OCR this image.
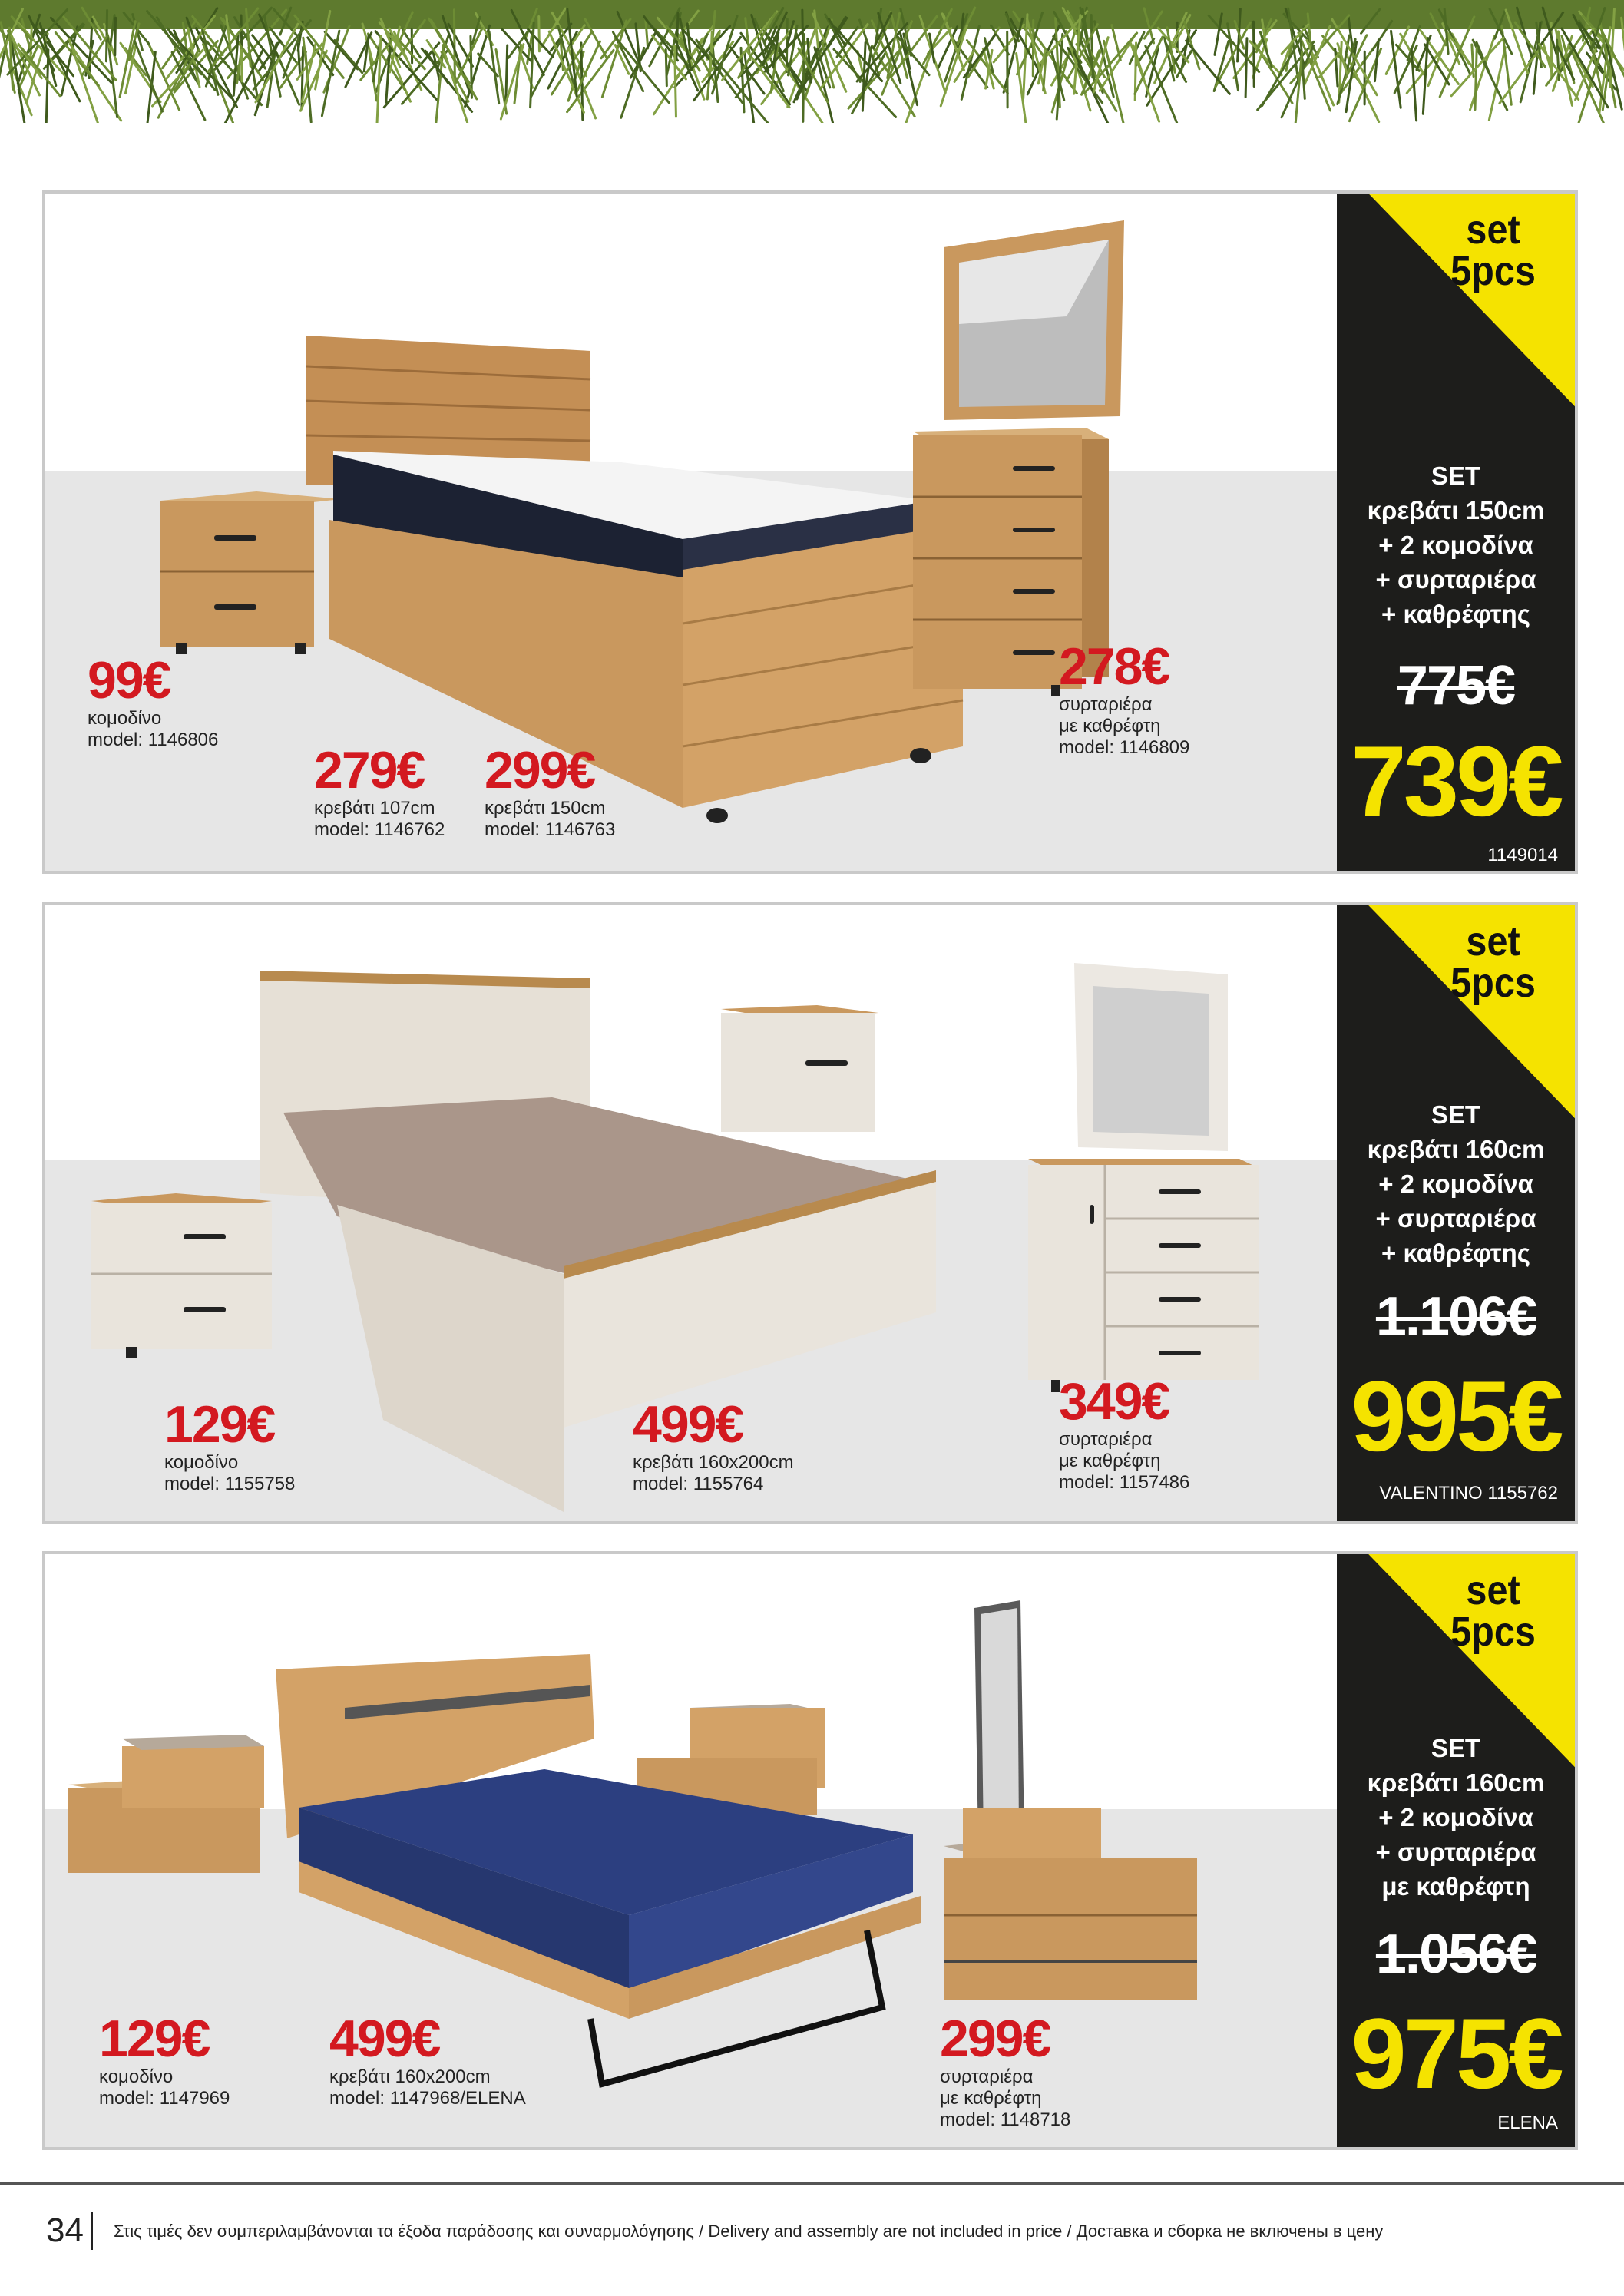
99€
κομοδίνο
model: 1146806
279€
κρεβάτι 107cm
model: 1146762
299€
κρεβάτι 150cm
model: 1146763
278€
συρταριέρα
με καθρέφτη
model: 1146809
SET
κρεβάτι 150cm
+ 2 κομοδίνα
+ συρταριέρα
+ καθρέφτης
775€
739€
1149014
set
5pcs
129€
κομοδίνο
model: 1155758
499€
κρεβάτι 160x200cm
model: 1155764
349€
συρταριέρα
με καθρέφτη
model: 1157486
SET
κρεβάτι 160cm
+ 2 κομοδίνα
+ συρταριέρα
+ καθρέφτης
1.106€
995€
VALENTINO 1155762
set
5pcs
129€
κομοδίνο
model: 1147969
499€
κρεβάτι 160x200cm
model: 1147968/ELENA
299€
συρταριέρα
με καθρέφτη
model: 1148718
SET
κρεβάτι 160cm
+ 2 κομοδίνα
+ συρταριέρα
με καθρέφτη
1.056€
975€
ELENA
set
5pcs
34 Στις τιμές δεν συμπεριλαμβάνονται τα έξοδα παράδοσης και συναρμολόγησης / Delivery and assembly are not included in price / Доставка и сборка не включены в цену
